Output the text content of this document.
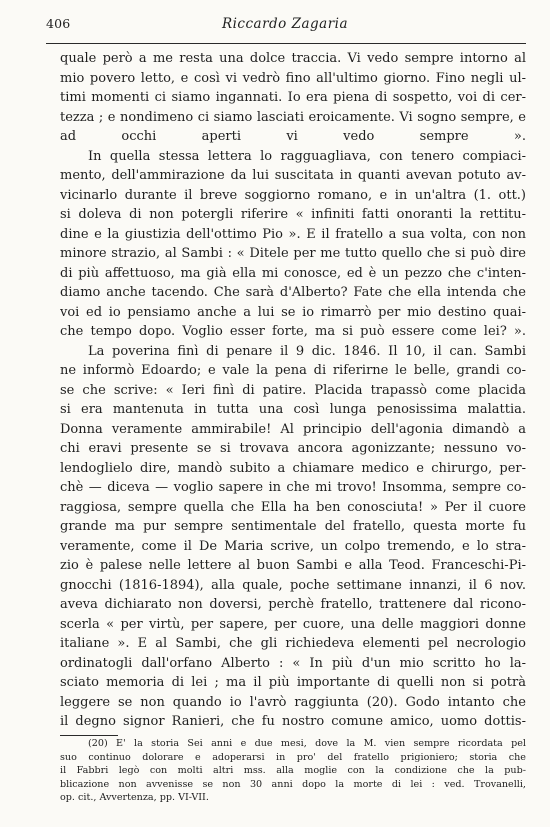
406	Riccardo Zagaria
quale però a me resta una dolce traccia. Vi vedo sempre intorno al
mio povero letto, e così vi vedrò fino all'ultimo giorno. Fino negli ul-
timi momenti ci siamo ingannati. Io era piena di sospetto, voi di cer-
tezza ; e nondimeno ci siamo lasciati eroicamente. Vi sogno sempre, e
ad occhi aperti vi vedo sempre ».
In quella stessa lettera lo ragguagliava, con tenero compiaci-
mento, dell'ammirazione da lui suscitata in quanti avevan potuto av-
vicinarlo durante il breve soggiorno romano, e in un'altra (1. ott.)
si doleva di non potergli riferire « infiniti fatti onoranti la rettitu-
dine e la giustizia dell'ottimo Pio ». E il fratello a sua volta, con non
minore strazio, al Sambi : « Ditele per me tutto quello che si può dire
di più affettuoso, ma già ella mi conosce, ed è un pezzo che c'inten-
diamo anche tacendo. Che sarà d'Alberto? Fate che ella intenda che
voi ed io pensiamo anche a lui se io rimarrò per mio destino quai-
che tempo dopo. Voglio esser forte, ma si può essere come lei? ».
La poverina finì di penare il 9 dic. 1846. Il 10, il can. Sambi
ne informò Edoardo; e vale la pena di riferirne le belle, grandi co-
se che scrive: « Ieri finì di patire. Placida trapassò come placida
si era mantenuta in tutta una così lunga penosissima malattia.
Donna veramente ammirabile! Al principio dell'agonia dimandò a
chi eravi presente se si trovava ancora agonizzante; nessuno vo-
lendoglielo dire, mandò subito a chiamare medico e chirurgo, per-
chè — diceva — voglio sapere in che mi trovo! Insomma, sempre co-
raggiosa, sempre quella che Ella ha ben conosciuta! » Per il cuore
grande ma pur sempre sentimentale del fratello, questa morte fu
veramente, come il De Maria scrive, un colpo tremendo, e lo stra-
zio è palese nelle lettere al buon Sambi e alla Teod. Franceschi-Pi-
gnocchi (1816-1894), alla quale, poche settimane innanzi, il 6 nov.
aveva dichiarato non doversi, perchè fratello, trattenere dal ricono-
scerla « per virtù, per sapere, per cuore, una delle maggiori donne
italiane ». E al Sambi, che gli richiedeva elementi pel necrologio
ordinatogli dall'orfano Alberto : « In più d'un mio scritto ho la-
sciato memoria di lei ; ma il più importante di quelli non si potrà
leggere se non quando io l'avrò raggiunta (20). Godo intanto che
il degno signor Ranieri, che fu nostro comune amico, uomo dottis-
(20) E' la storia Sei anni e due mesi, dove la M. vien sempre ricordata pel
suo continuo dolorare e adoperarsi in pro' del fratello prigioniero; storia che
il Fabbri legò con molti altri mss. alla moglie con la condizione che la pub-
blicazione non avvenisse se non 30 anni dopo la morte di lei : ved. Trovanelli,
op. cit., Avvertenza, pp. VI-VII.
